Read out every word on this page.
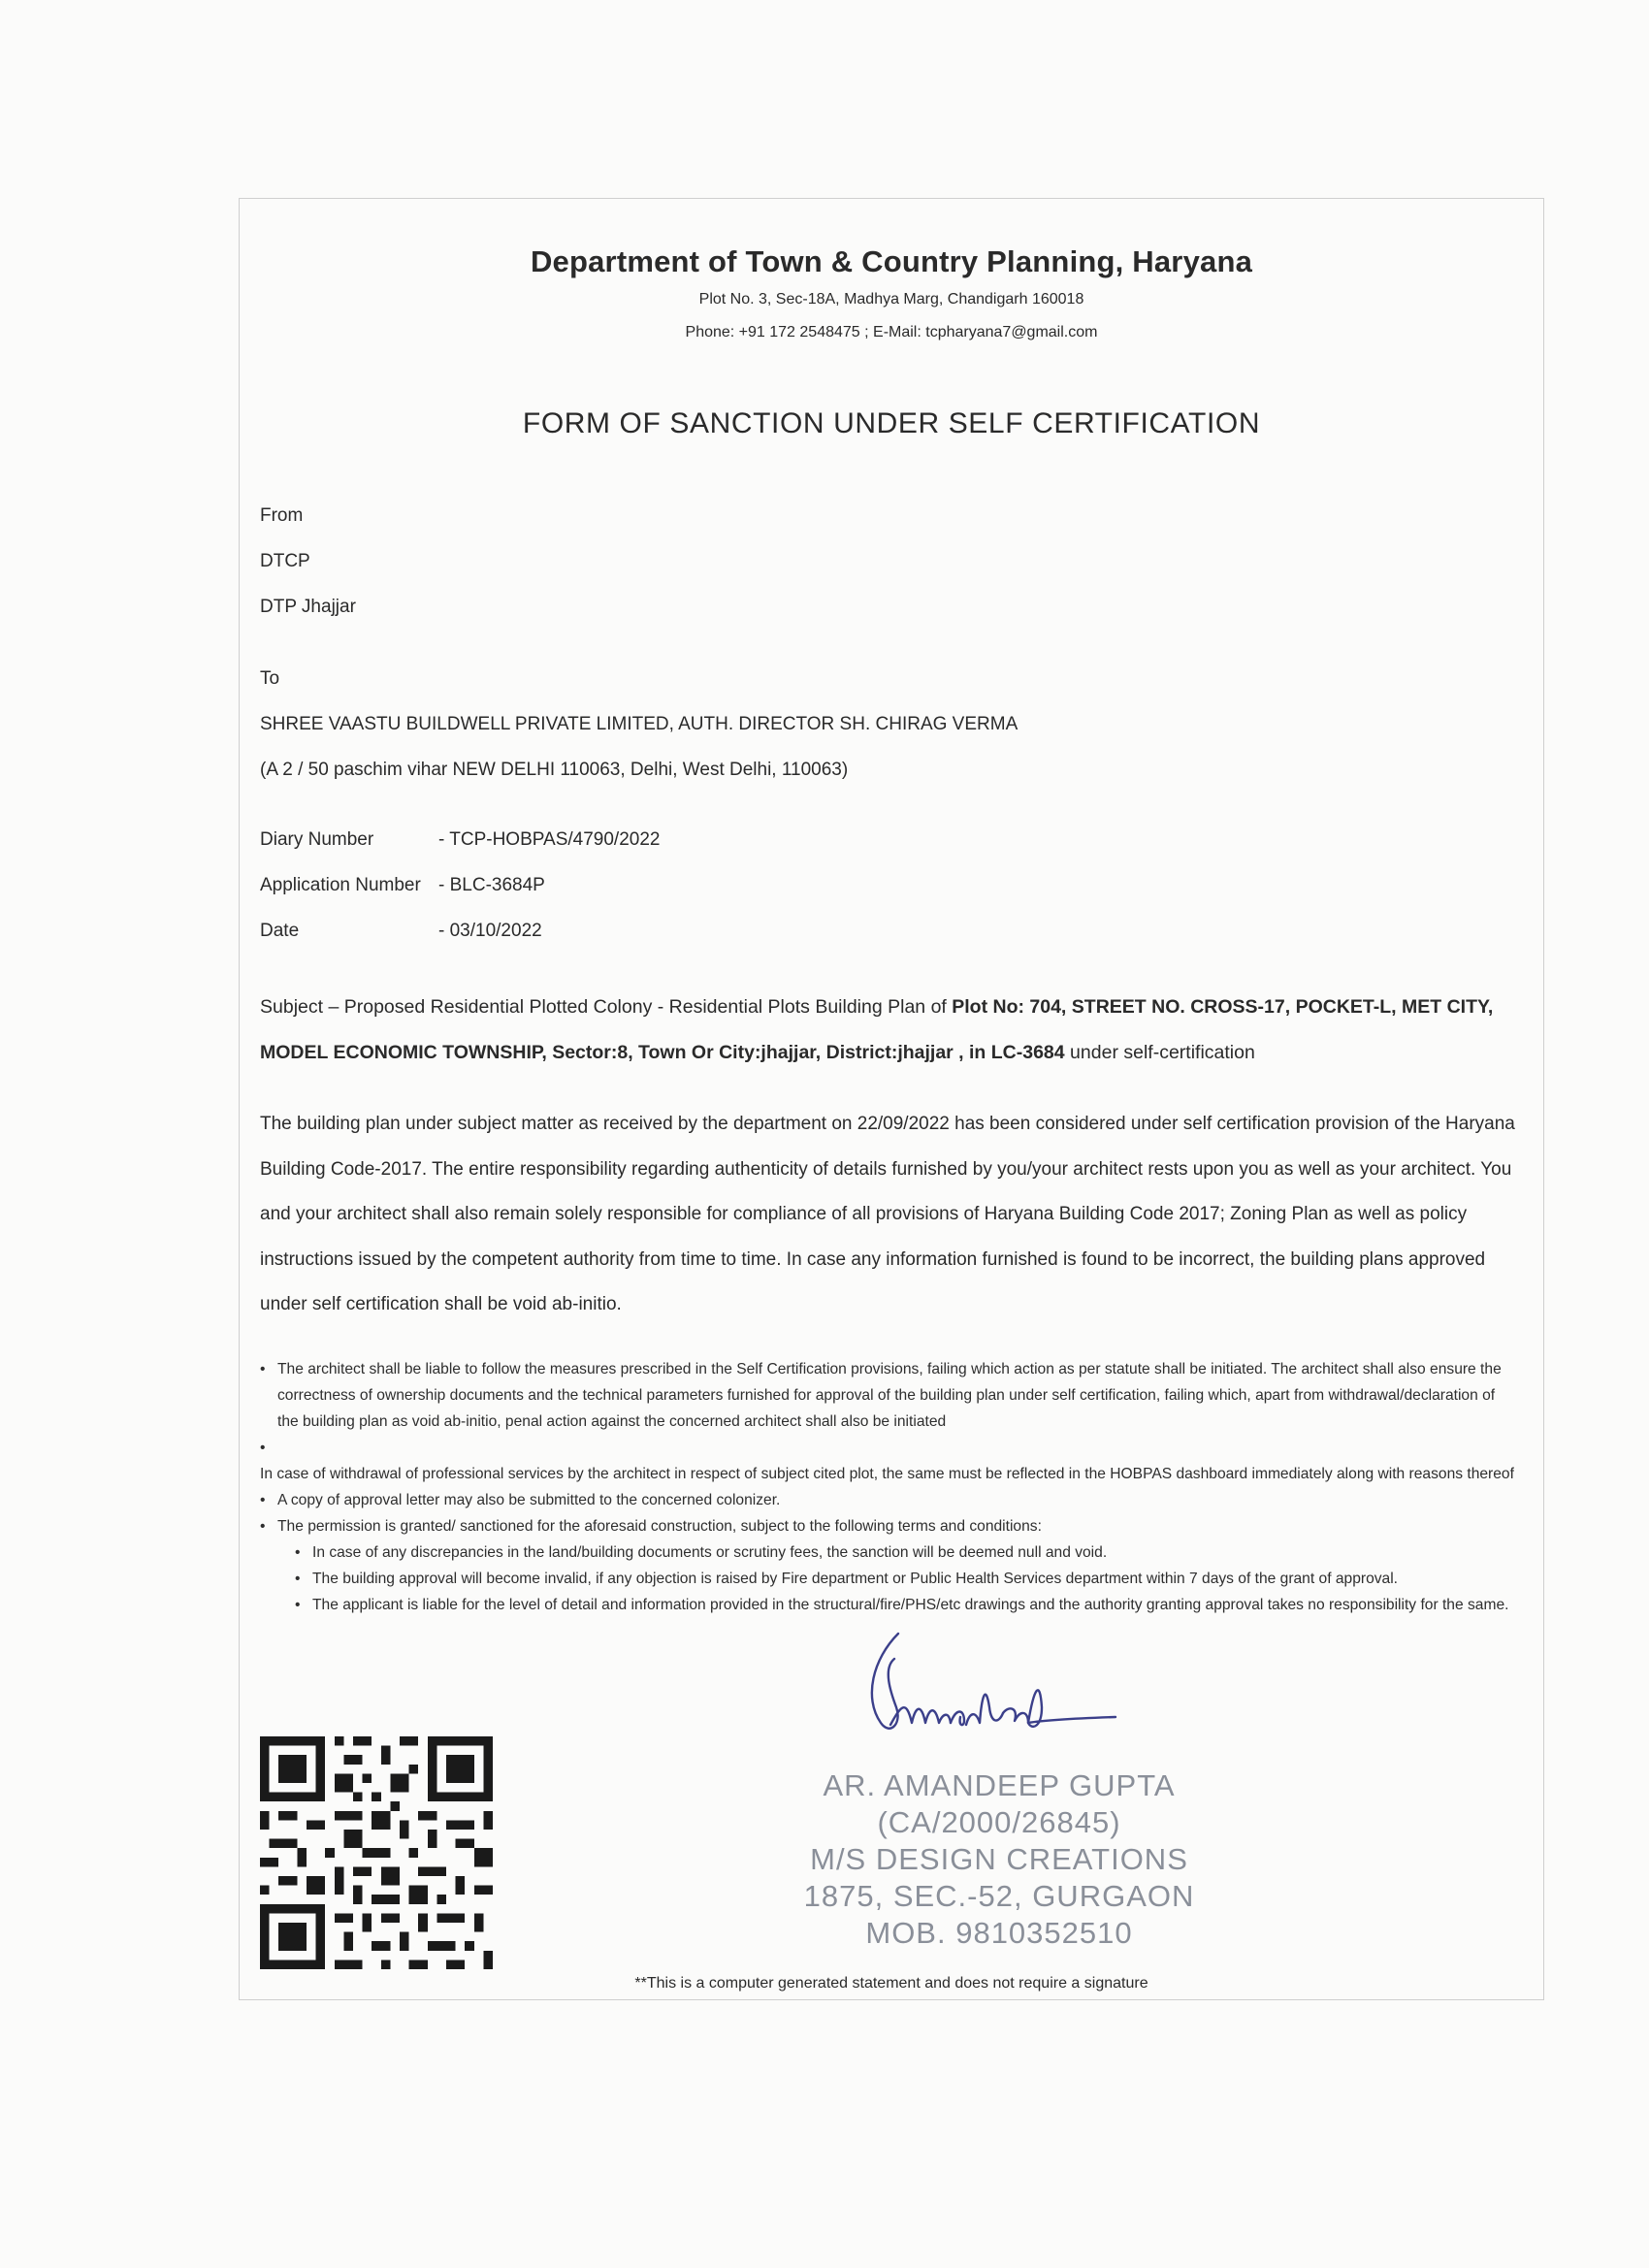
Department of Town & Country Planning, Haryana
Plot No. 3, Sec-18A, Madhya Marg, Chandigarh 160018
Phone: +91 172 2548475 ; E-Mail: tcpharyana7@gmail.com
FORM OF SANCTION UNDER SELF CERTIFICATION
From
DTCP
DTP Jhajjar
To
SHREE VAASTU BUILDWELL PRIVATE LIMITED, AUTH. DIRECTOR SH. CHIRAG VERMA
(A 2 / 50 paschim vihar NEW DELHI 110063, Delhi, West Delhi, 110063)
Diary Number	- TCP-HOBPAS/4790/2022
Application Number - BLC-3684P
Date	- 03/10/2022
Subject – Proposed Residential Plotted Colony - Residential Plots Building Plan of Plot No: 704, STREET NO. CROSS-17, POCKET-L, MET CITY, MODEL ECONOMIC TOWNSHIP, Sector:8, Town Or City:jhajjar, District:jhajjar , in LC-3684 under self-certification
The building plan under subject matter as received by the department on 22/09/2022 has been considered under self certification provision of the Haryana Building Code-2017. The entire responsibility regarding authenticity of details furnished by you/your architect rests upon you as well as your architect. You and your architect shall also remain solely responsible for compliance of all provisions of Haryana Building Code 2017; Zoning Plan as well as policy instructions issued by the competent authority from time to time. In case any information furnished is found to be incorrect, the building plans approved under self certification shall be void ab-initio.
• The architect shall be liable to follow the measures prescribed in the Self Certification provisions, failing which action as per statute shall be initiated. The architect shall also ensure the correctness of ownership documents and the technical parameters furnished for approval of the building plan under self certification, failing which, apart from withdrawal/declaration of the building plan as void ab-initio, penal action against the concerned architect shall also be initiated
•

In case of withdrawal of professional services by the architect in respect of subject cited plot, the same must be reflected in the HOBPAS dashboard immediately along with reasons thereof
• A copy of approval letter may also be submitted to the concerned colonizer.
• The permission is granted/ sanctioned for the aforesaid construction, subject to the following terms and conditions:
• In case of any discrepancies in the land/building documents or scrutiny fees, the sanction will be deemed null and void.
• The building approval will become invalid, if any objection is raised by Fire department or Public Health Services department within 7 days of the grant of approval.
• The applicant is liable for the level of detail and information provided in the structural/fire/PHS/etc drawings and the authority granting approval takes no responsibility for the same.
AR. AMANDEEP GUPTA
(CA/2000/26845)
M/S DESIGN CREATIONS
1875, SEC.-52, GURGAON
MOB. 9810352510
**This is a computer generated statement and does not require a signature
